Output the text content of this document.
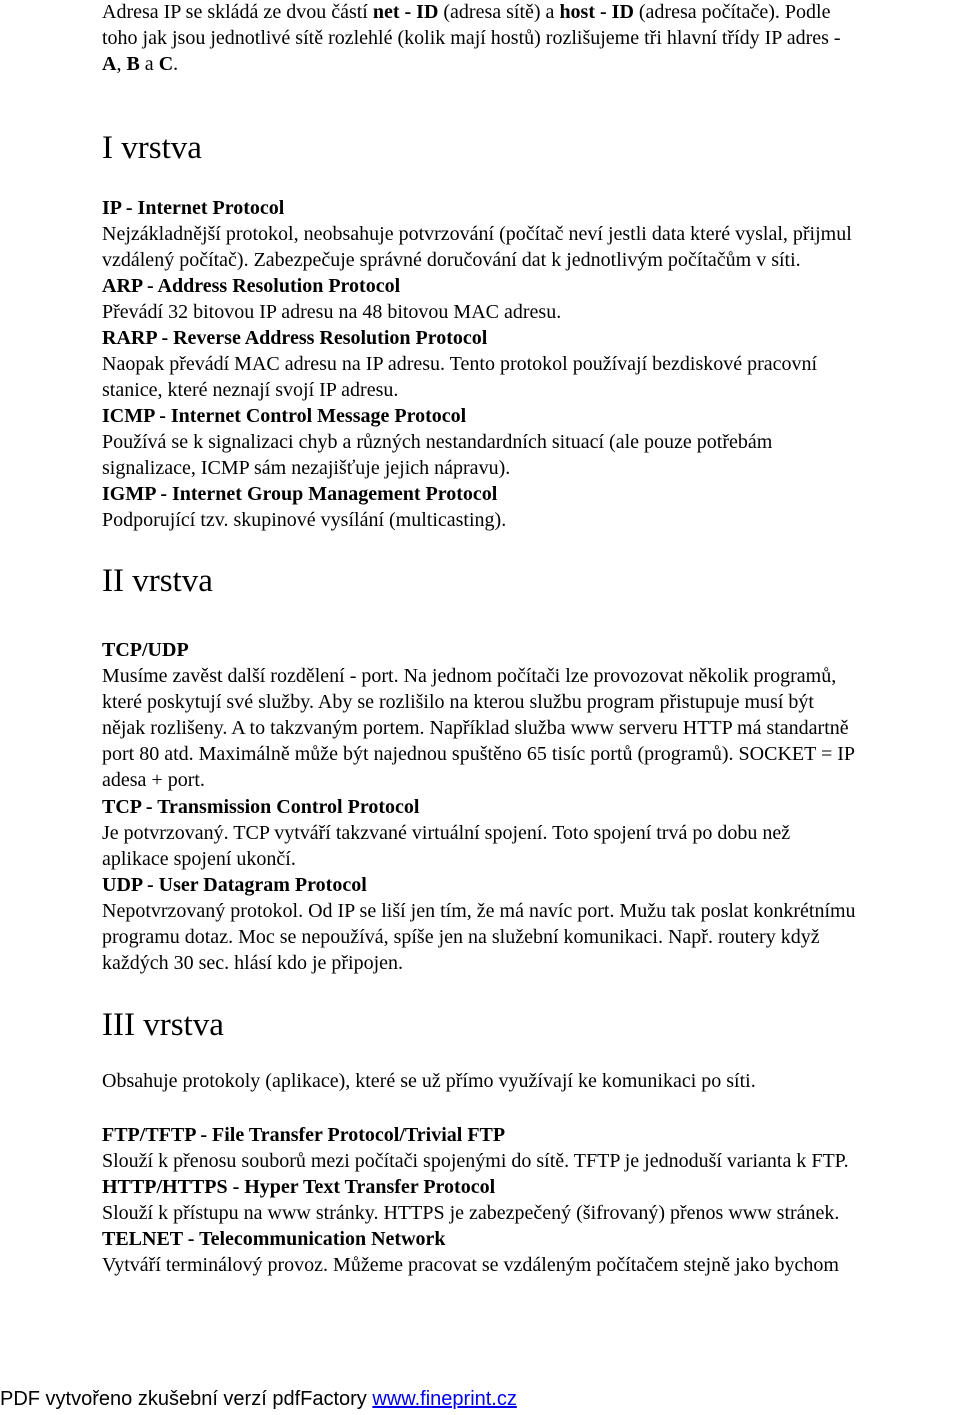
Adresa IP se skládá ze dvou částí net - ID (adresa sítě) a host - ID (adresa počítače). Podle
toho jak jsou jednotlivé sítě rozlehlé (kolik mají hostů) rozlišujeme tři hlavní třídy IP adres -
A, B a C.
I vrstva
IP - Internet Protocol
Nejzákladnější protokol, neobsahuje potvrzování (počítač neví jestli data které vyslal, přijmul
vzdálený počítač). Zabezpečuje správné doručování dat k jednotlivým počítačům v síti.
ARP - Address Resolution Protocol
Převádí 32 bitovou IP adresu na 48 bitovou MAC adresu.
RARP - Reverse Address Resolution Protocol
Naopak převádí MAC adresu na IP adresu. Tento protokol používají bezdiskové pracovní
stanice, které neznají svojí IP adresu.
ICMP - Internet Control Message Protocol
Používá se k signalizaci chyb a různých nestandardních situací (ale pouze potřebám
signalizace, ICMP sám nezajišťuje jejich nápravu).
IGMP - Internet Group Management Protocol
Podporující tzv. skupinové vysílání (multicasting).
II vrstva
TCP/UDP
Musíme zavěst další rozdělení - port. Na jednom počítači lze provozovat několik programů,
které poskytují své služby. Aby se rozlišilo na kterou službu program přistupuje musí být
nějak rozlišeny. A to takzvaným portem. Například služba www serveru HTTP má standartně
port 80 atd. Maximálně může být najednou spuštěno 65 tisíc portů (programů). SOCKET = IP
adesa + port.
TCP - Transmission Control Protocol
Je potvrzovaný. TCP vytváří takzvané virtuální spojení. Toto spojení trvá po dobu než
aplikace spojení ukončí.
UDP - User Datagram Protocol
Nepotvrzovaný protokol. Od IP se liší jen tím, že má navíc port. Mužu tak poslat konkrétnímu
programu dotaz. Moc se nepoužívá, spíše jen na služební komunikaci. Např. routery když
každých 30 sec. hlásí kdo je připojen.
III vrstva
Obsahuje protokoly (aplikace), které se už přímo využívají ke komunikaci po síti.
FTP/TFTP - File Transfer Protocol/Trivial FTP
Slouží k přenosu souborů mezi počítači spojenými do sítě. TFTP je jednoduší varianta k FTP.
HTTP/HTTPS - Hyper Text Transfer Protocol
Slouží k přístupu na www stránky. HTTPS je zabezpečený (šifrovaný) přenos www stránek.
TELNET - Telecommunication Network
Vytváří terminálový provoz. Můžeme pracovat se vzdáleným počítačem stejně jako bychom
PDF vytvořeno zkušební verzí pdfFactory www.fineprint.cz
